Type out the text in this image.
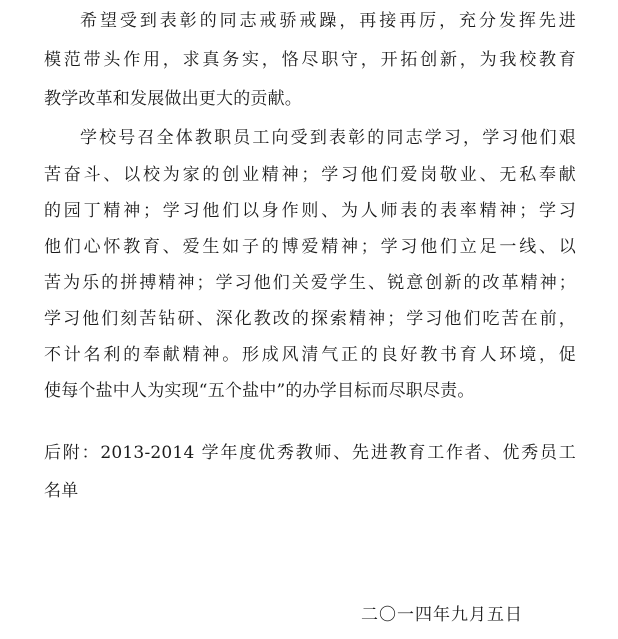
希望受到表彰的同志戒骄戒躁，再接再厉，充分发挥先进
模范带头作用，求真务实，恪尽职守，开拓创新，为我校教育
教学改革和发展做出更大的贡献。
学校号召全体教职员工向受到表彰的同志学习，学习他们艰
苦奋斗、以校为家的创业精神；学习他们爱岗敬业、无私奉献
的园丁精神；学习他们以身作则、为人师表的表率精神；学习
他们心怀教育、爱生如子的博爱精神；学习他们立足一线、以
苦为乐的拼搏精神；学习他们关爱学生、锐意创新的改革精神；
学习他们刻苦钻研、深化教改的探索精神；学习他们吃苦在前，
不计名利的奉献精神。形成风清气正的良好教书育人环境，促
使每个盐中人为实现“五个盐中”的办学目标而尽职尽责。
后附：2013-2014 学年度优秀教师、先进教育工作者、优秀员工
名单
二〇一四年九月五日
